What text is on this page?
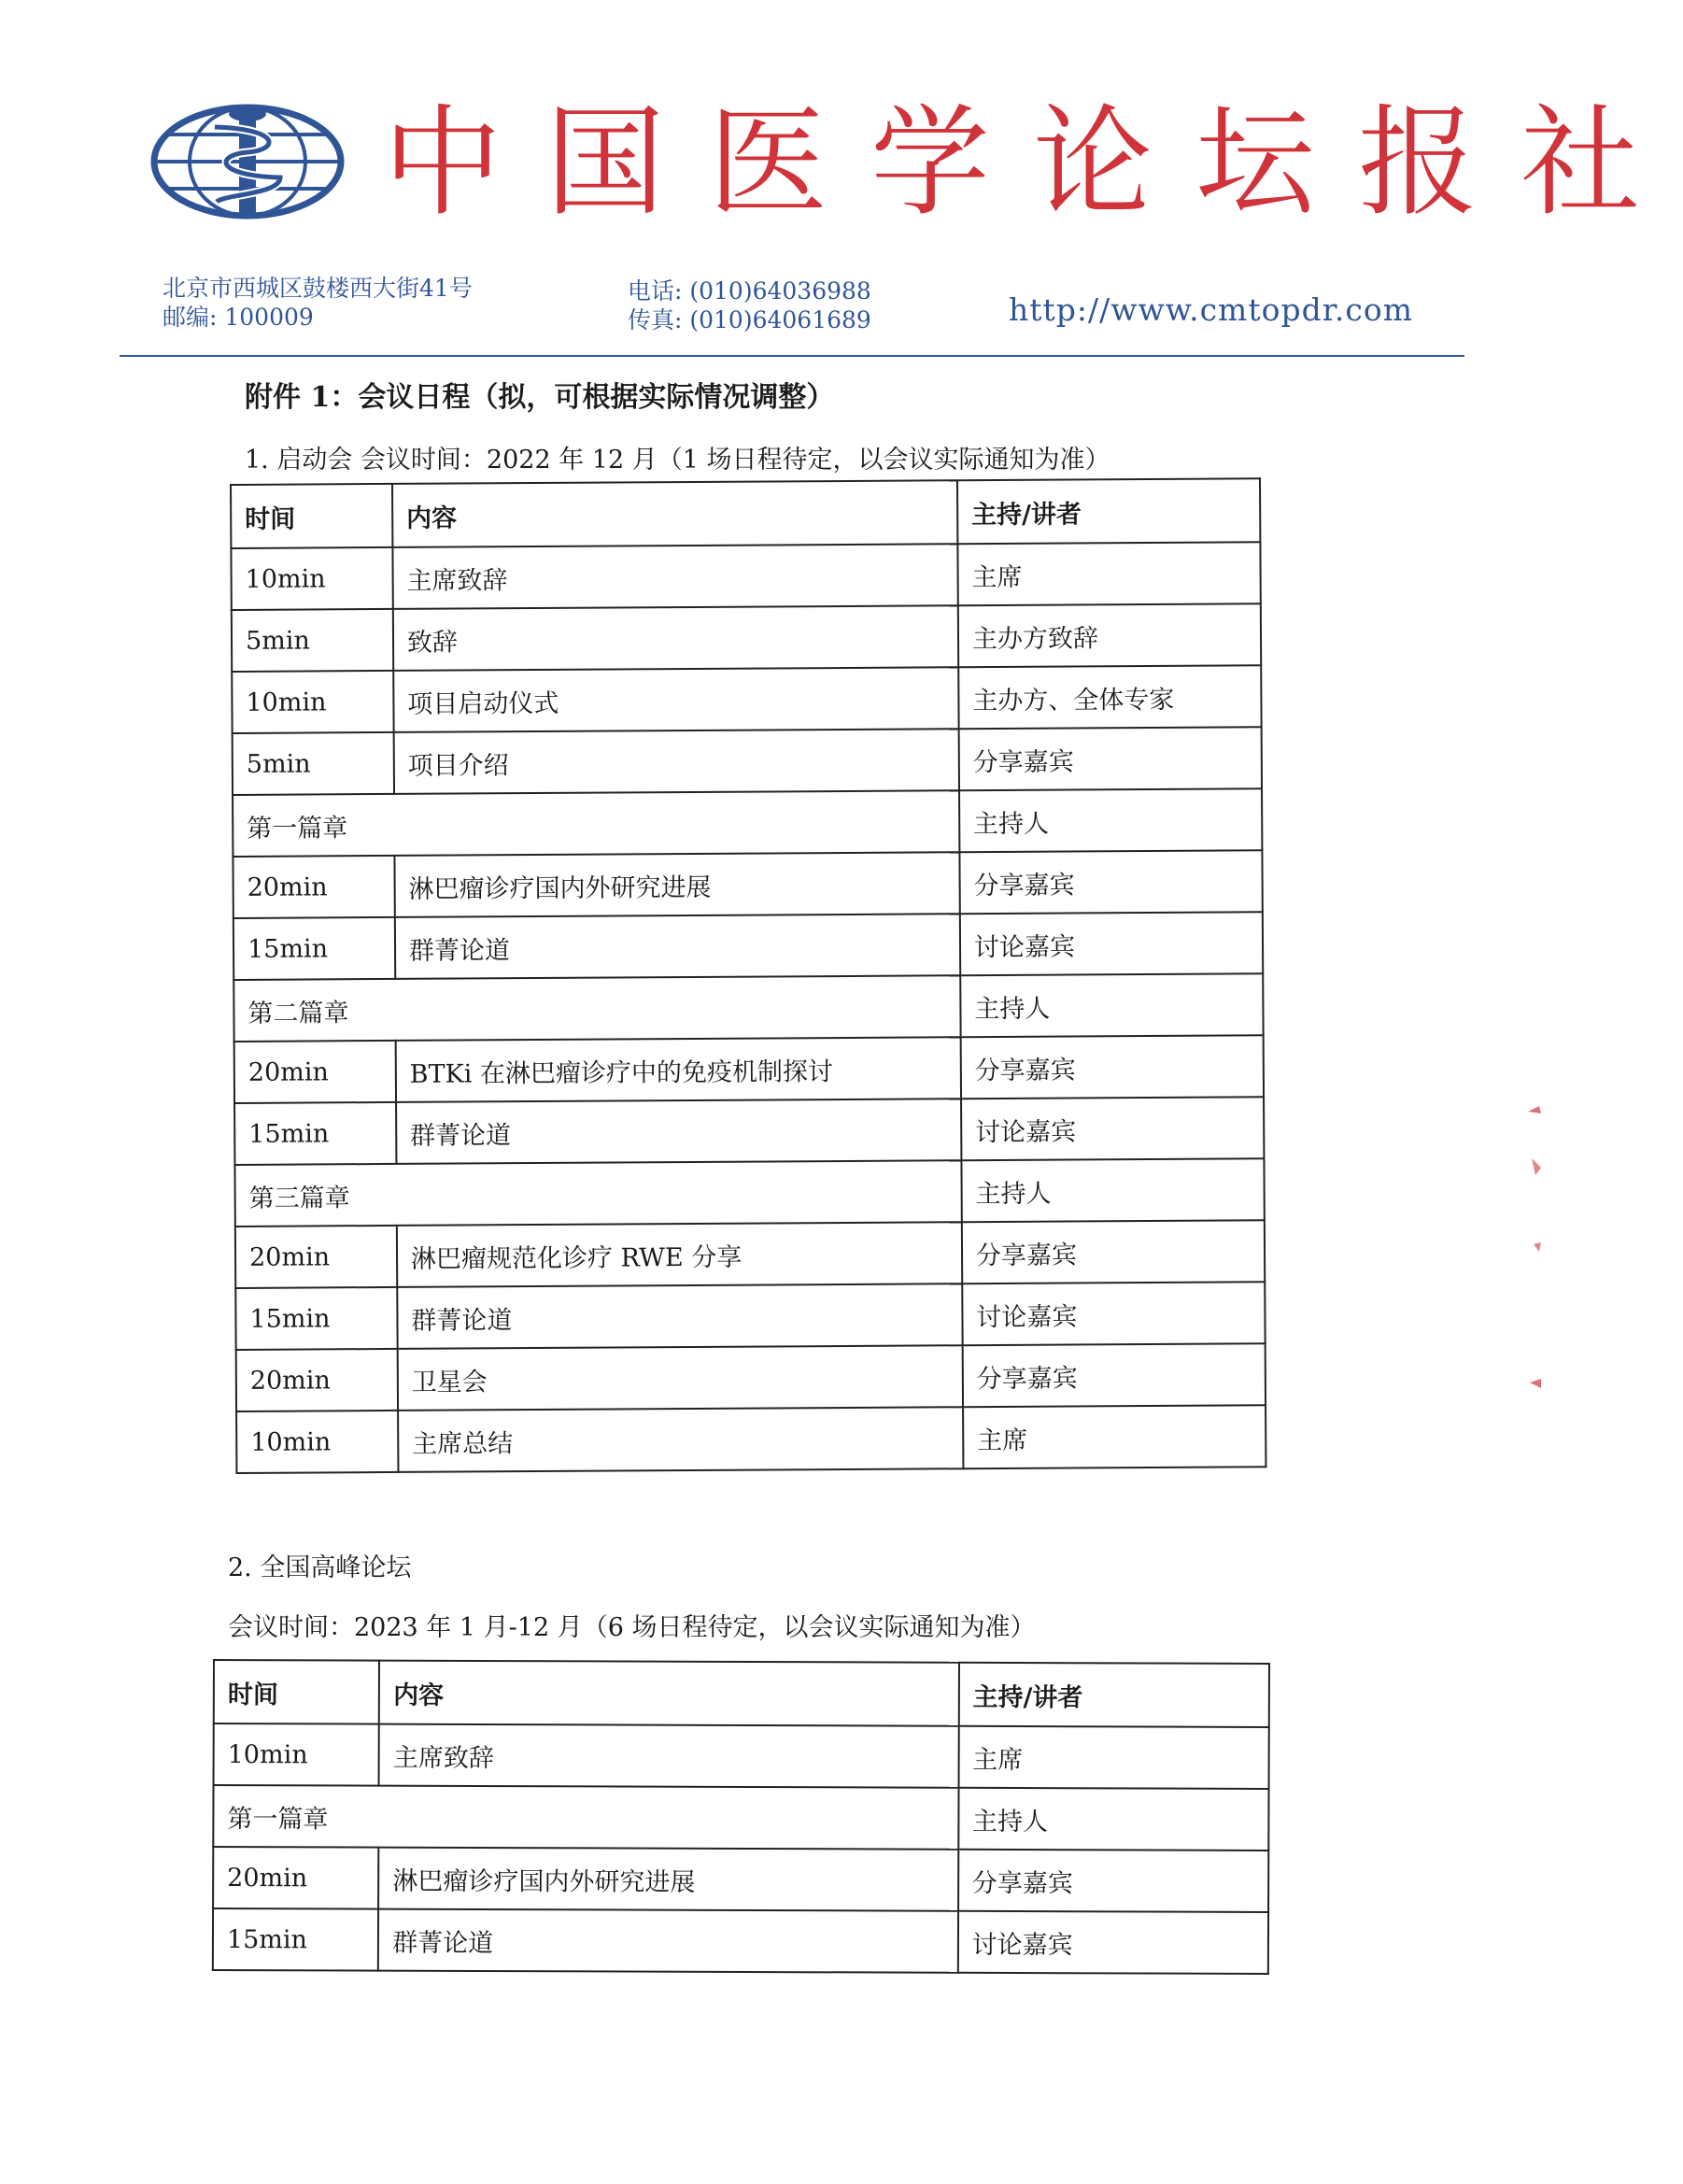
中国医学论坛报社
北京市西城区鼓楼西大街41号
邮编: 100009
电话: (010)64036988
传真: (010)64061689	http://www.cmtopdr.com
附件 1：会议日程（拟，可根据实际情况调整）
1. 启动会 会议时间：2022 年 12 月（1 场日程待定，以会议实际通知为准）
时间	内容	主持/讲者
10min	主席致辞	主席
5min	致辞	主办方致辞
10min	项目启动仪式	主办方、全体专家
5min	项目介绍	分享嘉宾
第一篇章		主持人
20min	淋巴瘤诊疗国内外研究进展	分享嘉宾
15min	群菁论道	讨论嘉宾
第二篇章		主持人
20min	BTKi 在淋巴瘤诊疗中的免疫机制探讨	分享嘉宾
15min	群菁论道	讨论嘉宾
第三篇章		主持人
20min	淋巴瘤规范化诊疗 RWE 分享	分享嘉宾
15min	群菁论道	讨论嘉宾
20min	卫星会	分享嘉宾
10min	主席总结	主席
2. 全国高峰论坛
会议时间：2023 年 1 月-12 月（6 场日程待定，以会议实际通知为准）
时间	内容	主持/讲者
10min	主席致辞	主席
第一篇章		主持人
20min	淋巴瘤诊疗国内外研究进展	分享嘉宾
15min	群菁论道	讨论嘉宾
